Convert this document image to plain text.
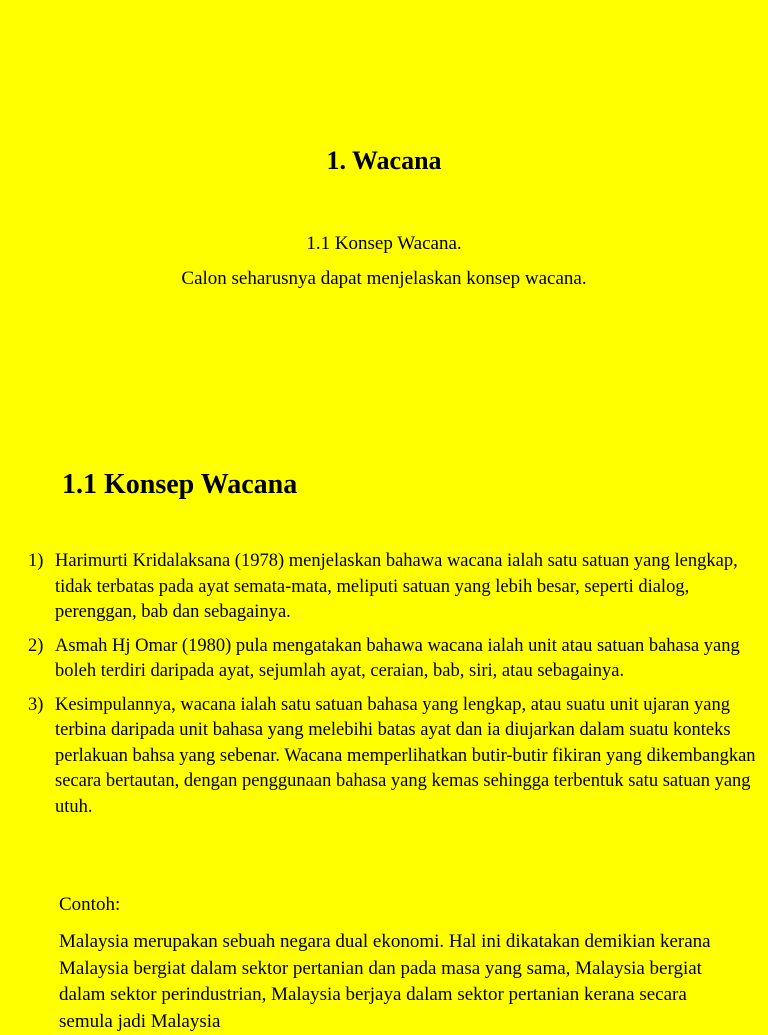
1. Wacana

1.1 Konsep Wacana.

Calon seharusnya dapat menjelaskan konsep wacana.

1.1 Konsep Wacana
1) Harimurti Kridalaksana (1978) menjelaskan bahawa wacana ialah satu satuan yang lengkap, tidak terbatas pada ayat semata-mata, meliputi satuan yang lebih besar, seperti dialog, perenggan, bab dan sebagainya.
2) Asmah Hj Omar (1980) pula mengatakan bahawa wacana ialah unit atau satuan bahasa yang boleh terdiri daripada ayat, sejumlah ayat, ceraian, bab, siri, atau sebagainya.
3) Kesimpulannya, wacana ialah satu satuan bahasa yang lengkap, atau suatu unit ujaran yang terbina daripada unit bahasa yang melebihi batas ayat dan ia diujarkan dalam suatu konteks perlakuan bahsa yang sebenar. Wacana memperlihatkan butir-butir fikiran yang dikembangkan secara bertautan, dengan penggunaan bahasa yang kemas sehingga terbentuk satu satuan yang utuh.

Contoh:

Malaysia merupakan sebuah negara dual ekonomi. Hal ini dikatakan demikian kerana Malaysia bergiat dalam sektor pertanian dan pada masa yang sama, Malaysia bergiat dalam sektor perindustrian, Malaysia berjaya dalam sektor pertanian kerana secara semula jadi Malaysia
